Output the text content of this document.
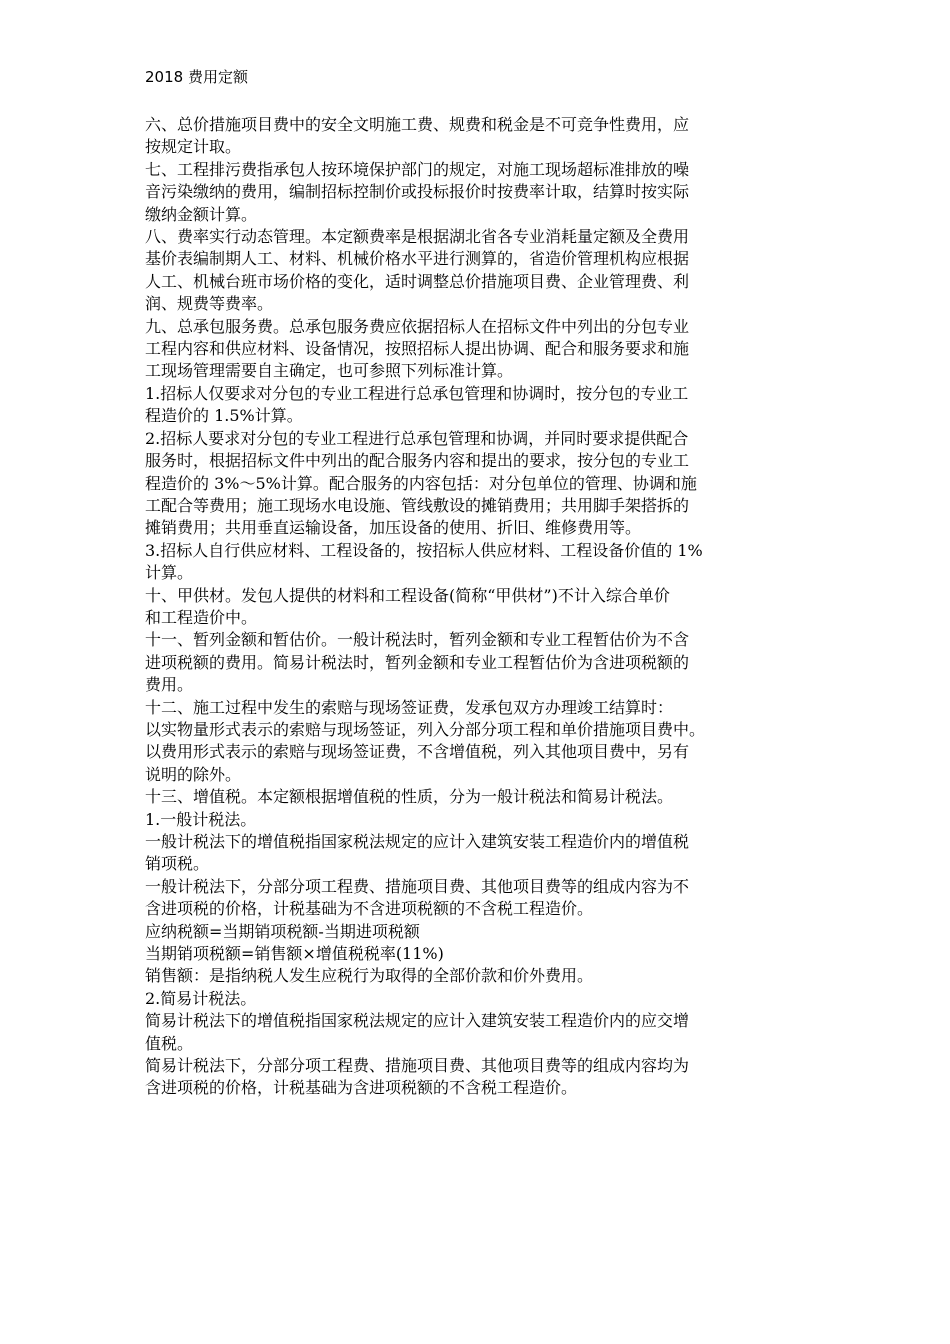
2018 费用定额

六、总价措施项目费中的安全文明施工费、规费和税金是不可竞争性费用，应
按规定计取。

七、工程排污费指承包人按环境保护部门的规定，对施工现场超标准排放的噪
音污染缴纳的费用，编制招标控制价或投标报价时按费率计取，结算时按实际
缴纳金额计算。

八、费率实行动态管理。本定额费率是根据湖北省各专业消耗量定额及全费用
基价表编制期人工、材料、机械价格水平进行测算的，省造价管理机构应根据
人工、机械台班市场价格的变化，适时调整总价措施项目费、企业管理费、利
润、规费等费率。

九、总承包服务费。总承包服务费应依据招标人在招标文件中列出的分包专业
工程内容和供应材料、设备情况，按照招标人提出协调、配合和服务要求和施
工现场管理需要自主确定，也可参照下列标准计算。

1.招标人仅要求对分包的专业工程进行总承包管理和协调时，按分包的专业工
程造价的 1.5%计算。

2.招标人要求对分包的专业工程进行总承包管理和协调，并同时要求提供配合
服务时，根据招标文件中列出的配合服务内容和提出的要求，按分包的专业工
程造价的 3%～5%计算。配合服务的内容包括：对分包单位的管理、协调和施
工配合等费用；施工现场水电设施、管线敷设的摊销费用；共用脚手架搭拆的
摊销费用；共用垂直运输设备，加压设备的使用、折旧、维修费用等。

3.招标人自行供应材料、工程设备的，按招标人供应材料、工程设备价值的 1%
计算。

十、甲供材。发包人提供的材料和工程设备(简称“甲供材”)不计入综合单价
和工程造价中。

十一、暂列金额和暂估价。一般计税法时，暂列金额和专业工程暂估价为不含
进项税额的费用。简易计税法时，暂列金额和专业工程暂估价为含进项税额的
费用。

十二、施工过程中发生的索赔与现场签证费，发承包双方办理竣工结算时：

以实物量形式表示的索赔与现场签证，列入分部分项工程和单价措施项目费中。

以费用形式表示的索赔与现场签证费，不含增值税，列入其他项目费中，另有
说明的除外。

十三、增值税。本定额根据增值税的性质，分为一般计税法和简易计税法。

1.一般计税法。

一般计税法下的增值税指国家税法规定的应计入建筑安装工程造价内的增值税
销项税。

一般计税法下，分部分项工程费、措施项目费、其他项目费等的组成内容为不
含进项税的价格，计税基础为不含进项税额的不含税工程造价。

应纳税额=当期销项税额-当期进项税额

当期销项税额=销售额×增值税税率(11%)

销售额：是指纳税人发生应税行为取得的全部价款和价外费用。

2.简易计税法。

简易计税法下的增值税指国家税法规定的应计入建筑安装工程造价内的应交增
值税。

简易计税法下，分部分项工程费、措施项目费、其他项目费等的组成内容均为
含进项税的价格，计税基础为含进项税额的不含税工程造价。
